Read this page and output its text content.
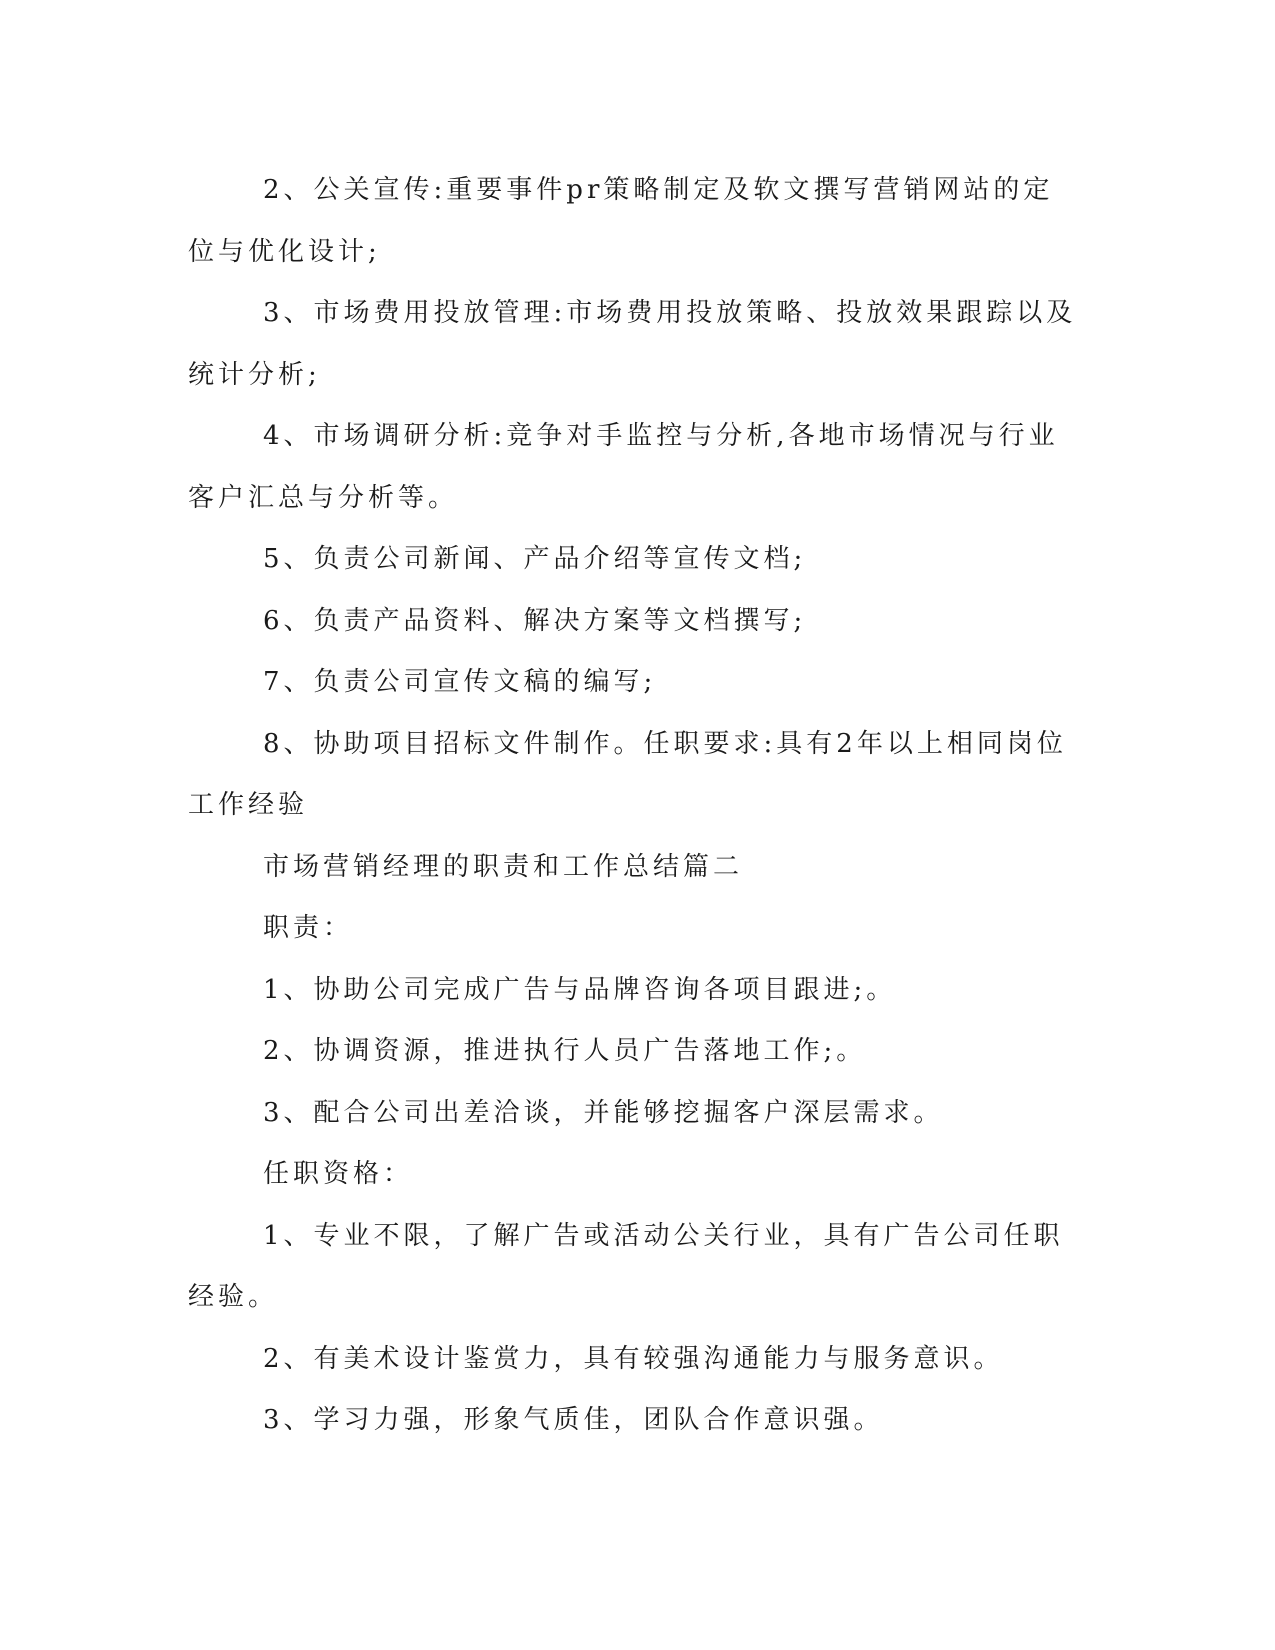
2、公关宣传:重要事件pr策略制定及软文撰写营销网站的定位与优化设计;

3、市场费用投放管理:市场费用投放策略、投放效果跟踪以及统计分析;

4、市场调研分析:竞争对手监控与分析,各地市场情况与行业客户汇总与分析等。

5、负责公司新闻、产品介绍等宣传文档;

6、负责产品资料、解决方案等文档撰写;

7、负责公司宣传文稿的编写;

8、协助项目招标文件制作。任职要求:具有2年以上相同岗位工作经验

市场营销经理的职责和工作总结篇二

职责：

1、协助公司完成广告与品牌咨询各项目跟进;。

2、协调资源，推进执行人员广告落地工作;。

3、配合公司出差洽谈，并能够挖掘客户深层需求。

任职资格：

1、专业不限，了解广告或活动公关行业，具有广告公司任职经验。

2、有美术设计鉴赏力，具有较强沟通能力与服务意识。

3、学习力强，形象气质佳，团队合作意识强。
